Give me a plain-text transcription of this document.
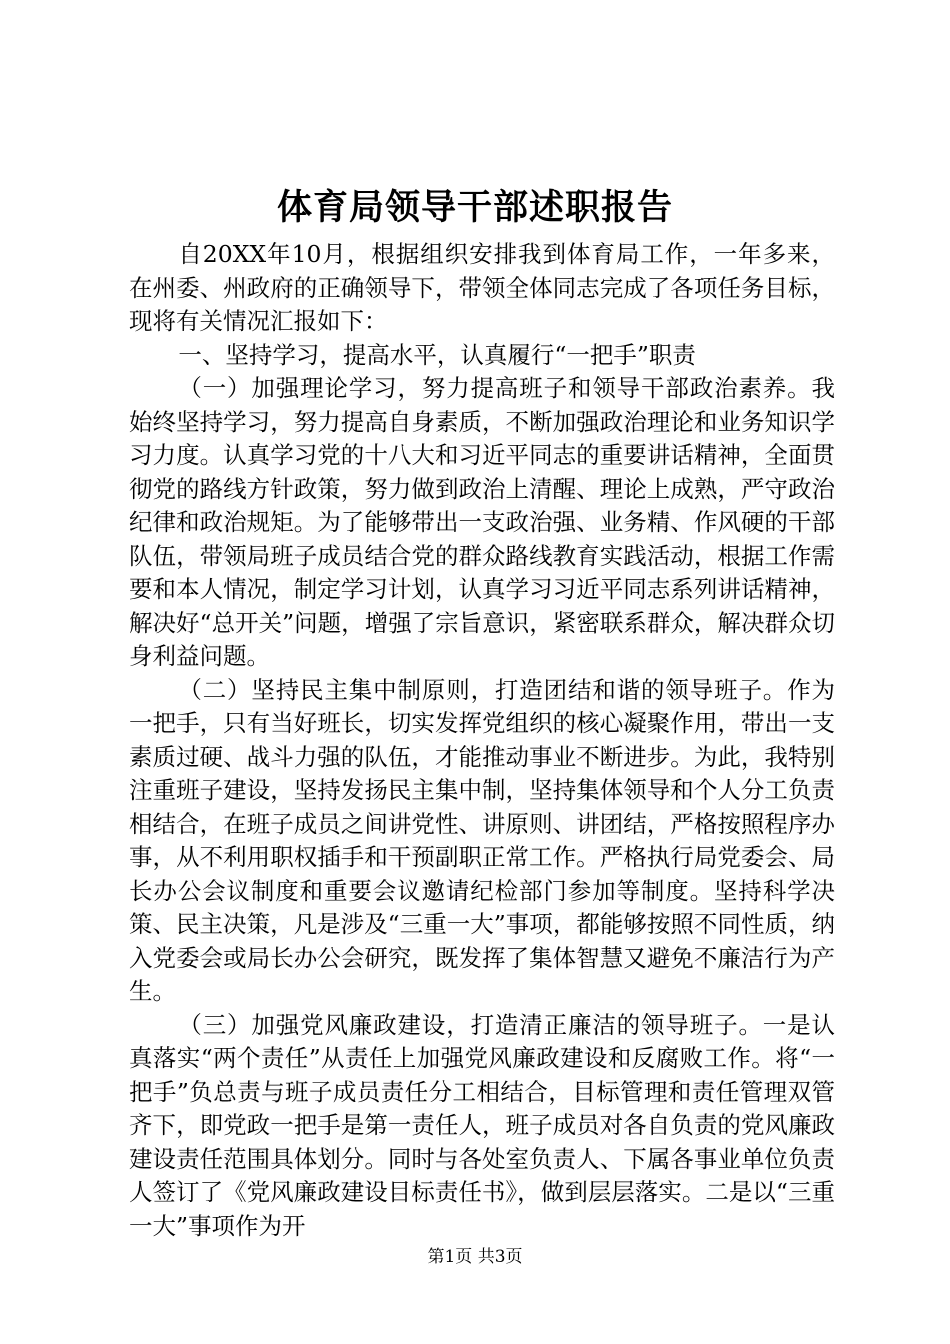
体育局领导干部述职报告

自20XX年10月，根据组织安排我到体育局工作，一年多来，在州委、州政府的正确领导下，带领全体同志完成了各项任务目标，现将有关情况汇报如下：

一、坚持学习，提高水平，认真履行“一把手”职责

（一）加强理论学习，努力提高班子和领导干部政治素养。我始终坚持学习，努力提高自身素质，不断加强政治理论和业务知识学习力度。认真学习党的十八大和习近平同志的重要讲话精神，全面贯彻党的路线方针政策，努力做到政治上清醒、理论上成熟，严守政治纪律和政治规矩。为了能够带出一支政治强、业务精、作风硬的干部队伍，带领局班子成员结合党的群众路线教育实践活动，根据工作需要和本人情况，制定学习计划，认真学习习近平同志系列讲话精神，解决好“总开关”问题，增强了宗旨意识，紧密联系群众，解决群众切身利益问题。

（二）坚持民主集中制原则，打造团结和谐的领导班子。作为一把手，只有当好班长，切实发挥党组织的核心凝聚作用，带出一支素质过硬、战斗力强的队伍，才能推动事业不断进步。为此，我特别注重班子建设，坚持发扬民主集中制，坚持集体领导和个人分工负责相结合，在班子成员之间讲党性、讲原则、讲团结，严格按照程序办事，从不利用职权插手和干预副职正常工作。严格执行局党委会、局长办公会议制度和重要会议邀请纪检部门参加等制度。坚持科学决策、民主决策，凡是涉及“三重一大”事项，都能够按照不同性质，纳入党委会或局长办公会研究，既发挥了集体智慧又避免不廉洁行为产生。

（三）加强党风廉政建设，打造清正廉洁的领导班子。一是认真落实“两个责任”从责任上加强党风廉政建设和反腐败工作。将“一把手”负总责与班子成员责任分工相结合，目标管理和责任管理双管齐下，即党政一把手是第一责任人，班子成员对各自负责的党风廉政建设责任范围具体划分。同时与各处室负责人、下属各事业单位负责人签订了《党风廉政建设目标责任书》，做到层层落实。二是以“三重一大”事项作为开

第1页 共3页
